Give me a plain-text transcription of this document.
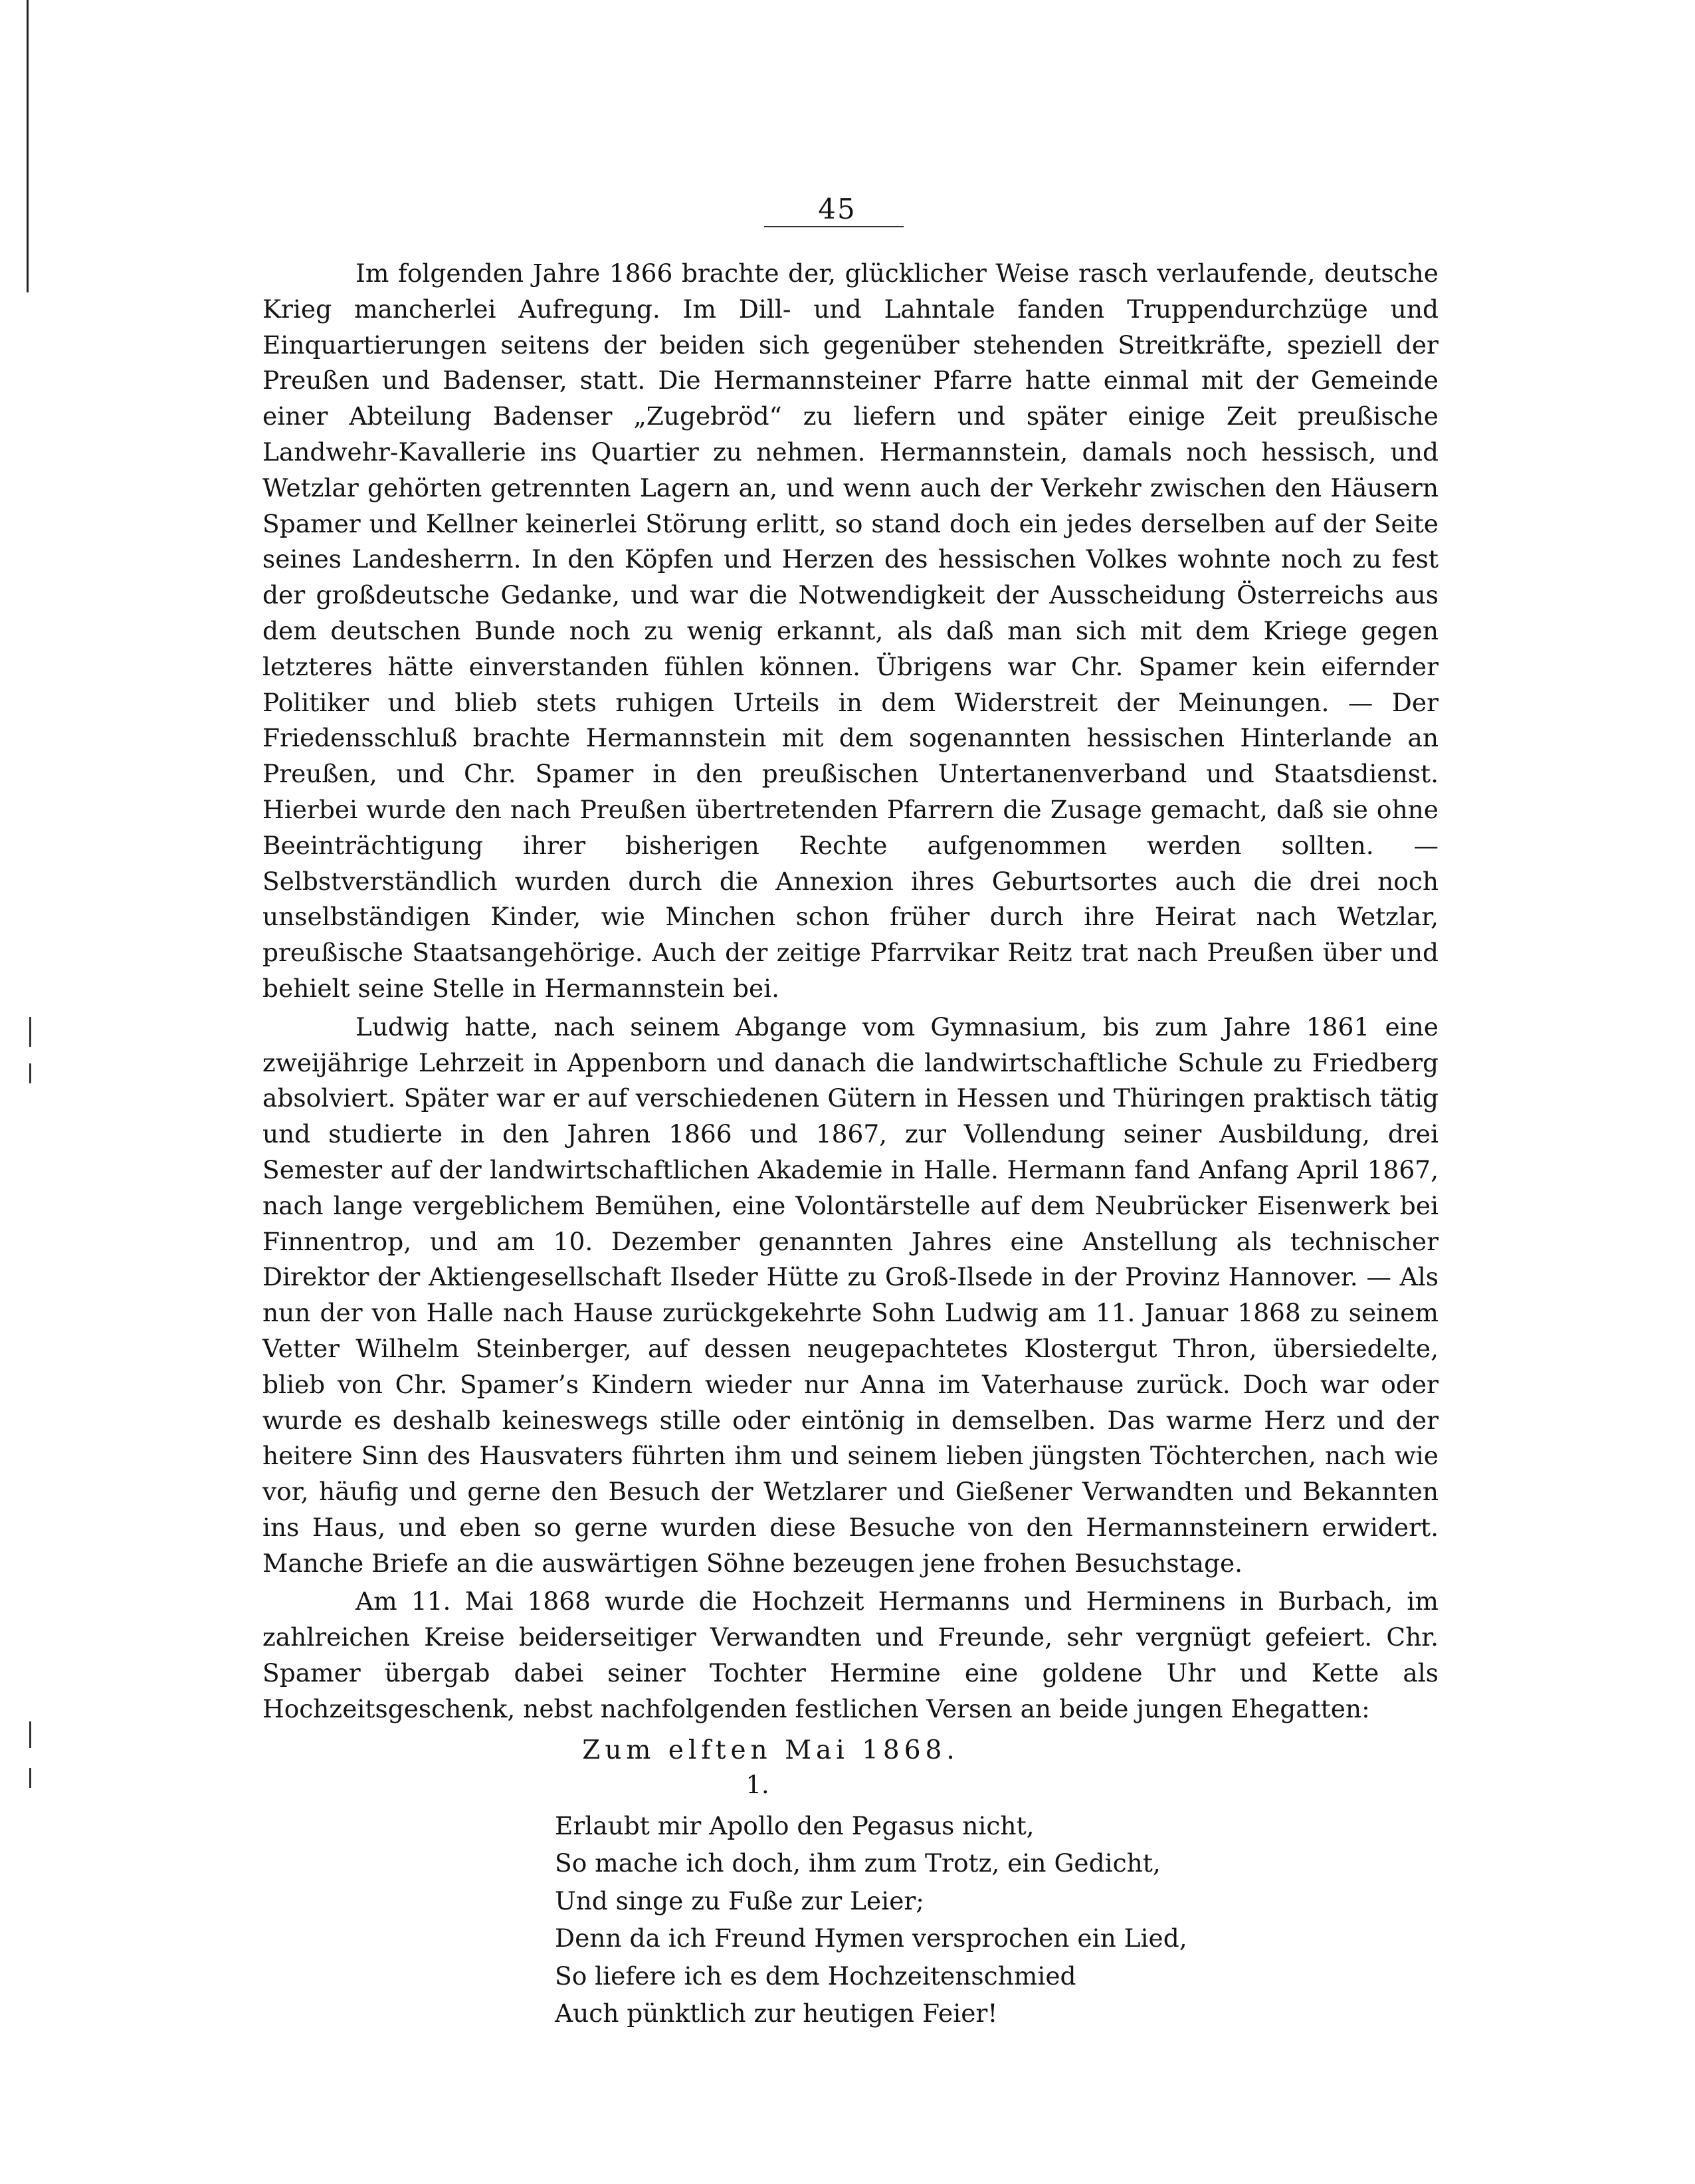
45

Im folgenden Jahre 1866 brachte der, glücklicher Weise rasch verlaufende, deutsche Krieg mancherlei Aufregung. Im Dill- und Lahntale fanden Truppendurchzüge und Einquartierungen seitens der beiden sich gegenüber stehenden Streitkräfte, speziell der Preußen und Badenser, statt. Die Hermannsteiner Pfarre hatte einmal mit der Gemeinde einer Abteilung Badenser „Zugebröd“ zu liefern und später einige Zeit preußische Landwehr-Kavallerie ins Quartier zu nehmen. Hermannstein, damals noch hessisch, und Wetzlar gehörten getrennten Lagern an, und wenn auch der Verkehr zwischen den Häusern Spamer und Kellner keinerlei Störung erlitt, so stand doch ein jedes derselben auf der Seite seines Landesherrn. In den Köpfen und Herzen des hessischen Volkes wohnte noch zu fest der großdeutsche Gedanke, und war die Notwendigkeit der Ausscheidung Österreichs aus dem deutschen Bunde noch zu wenig erkannt, als daß man sich mit dem Kriege gegen letzteres hätte einverstanden fühlen können. Übrigens war Chr. Spamer kein eifernder Politiker und blieb stets ruhigen Urteils in dem Widerstreit der Meinungen. — Der Friedensschluß brachte Hermannstein mit dem sogenannten hessischen Hinterlande an Preußen, und Chr. Spamer in den preußischen Untertanenverband und Staatsdienst. Hierbei wurde den nach Preußen übertretenden Pfarrern die Zusage gemacht, daß sie ohne Beeinträchtigung ihrer bisherigen Rechte aufgenommen werden sollten. — Selbstverständlich wurden durch die Annexion ihres Geburtsortes auch die drei noch unselbständigen Kinder, wie Minchen schon früher durch ihre Heirat nach Wetzlar, preußische Staatsangehörige. Auch der zeitige Pfarrvikar Reitz trat nach Preußen über und behielt seine Stelle in Hermannstein bei.

Ludwig hatte, nach seinem Abgange vom Gymnasium, bis zum Jahre 1861 eine zweijährige Lehrzeit in Appenborn und danach die landwirtschaftliche Schule zu Friedberg absolviert. Später war er auf verschiedenen Gütern in Hessen und Thüringen praktisch tätig und studierte in den Jahren 1866 und 1867, zur Vollendung seiner Ausbildung, drei Semester auf der landwirtschaftlichen Akademie in Halle. Hermann fand Anfang April 1867, nach lange vergeblichem Bemühen, eine Volontärstelle auf dem Neubrücker Eisenwerk bei Finnentrop, und am 10. Dezember genannten Jahres eine Anstellung als technischer Direktor der Aktiengesellschaft Ilseder Hütte zu Groß-Ilsede in der Provinz Hannover. — Als nun der von Halle nach Hause zurückgekehrte Sohn Ludwig am 11. Januar 1868 zu seinem Vetter Wilhelm Steinberger, auf dessen neugepachtetes Klostergut Thron, übersiedelte, blieb von Chr. Spamer’s Kindern wieder nur Anna im Vaterhause zurück. Doch war oder wurde es deshalb keineswegs stille oder eintönig in demselben. Das warme Herz und der heitere Sinn des Hausvaters führten ihm und seinem lieben jüngsten Töchterchen, nach wie vor, häufig und gerne den Besuch der Wetzlarer und Gießener Verwandten und Bekannten ins Haus, und eben so gerne wurden diese Besuche von den Hermannsteinern erwidert. Manche Briefe an die auswärtigen Söhne bezeugen jene frohen Besuchstage.

Am 11. Mai 1868 wurde die Hochzeit Hermanns und Herminens in Burbach, im zahlreichen Kreise beiderseitiger Verwandten und Freunde, sehr vergnügt gefeiert. Chr. Spamer übergab dabei seiner Tochter Hermine eine goldene Uhr und Kette als Hochzeitsgeschenk, nebst nachfolgenden festlichen Versen an beide jungen Ehegatten:

Zum elften Mai 1868.
1.
Erlaubt mir Apollo den Pegasus nicht,
So mache ich doch, ihm zum Trotz, ein Gedicht,
Und singe zu Fuße zur Leier;
Denn da ich Freund Hymen versprochen ein Lied,
So liefere ich es dem Hochzeitenschmied
Auch pünktlich zur heutigen Feier!
